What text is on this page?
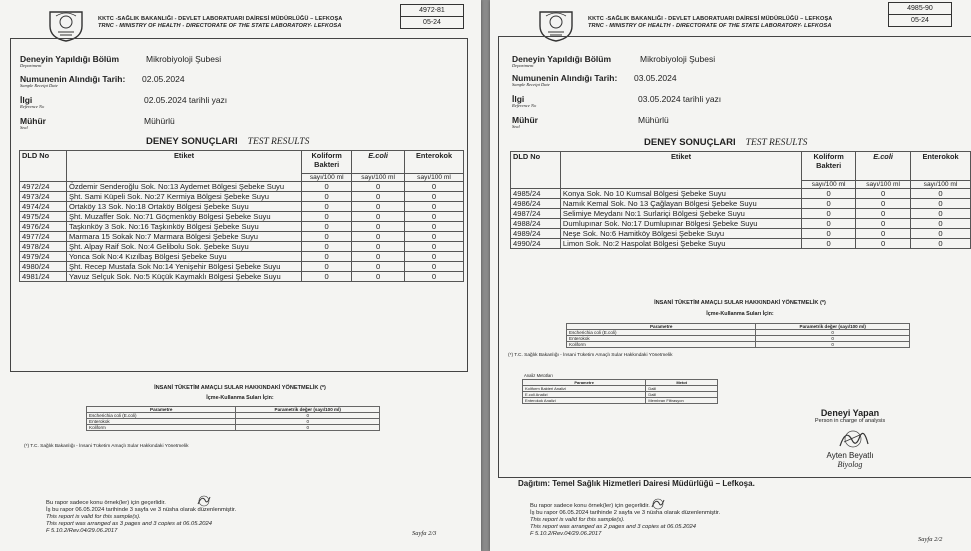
KKTC -SAĞLIK BAKANLIĞI - DEVLET LABORATUARI DAİRESİ MÜDÜRLÜĞÜ – LEFKOŞA
TRNC - MINISTRY OF HEALTH - DIRECTORATE OF THE STATE LABORATORY- LEFKOSA
4972-81
05-24
Deneyin Yapıldığı Bölüm
Department
Mikrobiyoloji Şubesi
Numunenin Alındığı Tarih: 02.05.2024
Sample Receipt Date
İlgi	02.05.2024 tarihli yazı
Reference No
Mühür	Mühürlü
Seal
DENEY SONUÇLARI TEST RESULTS
DLD No	Etiket	Koliform Bakteri	E.coli	Enterokok
		sayı/100 ml	sayı/100 ml	sayı/100 ml
4972/24	Özdemir Senderoğlu Sok. No:13 Aydemet Bölgesi Şebeke Suyu	0	0	0
4973/24	Şht. Sami Küpeli Sok. No:27 Kermiya Bölgesi Şebeke Suyu	0	0	0
4974/24	Ortaköy 13 Sok. No:18 Ortaköy Bölgesi Şebeke Suyu	0	0	0
4975/24	Şht. Muzaffer Sok. No:71 Göçmenköy Bölgesi Şebeke Suyu	0	0	0
4976/24	Taşkınköy 3 Sok. No:16 Taşkınköy Bölgesi Şebeke Suyu	0	0	0
4977/24	Marmara 15 Sokak No:7 Marmara Bölgesi Şebeke Suyu	0	0	0
4978/24	Şht. Alpay Raif Sok. No:4 Gelibolu Sok. Şebeke Suyu	0	0	0
4979/24	Yonca Sok No:4 Kızılbaş Bölgesi Şebeke Suyu	0	0	0
4980/24	Şht. Recep Mustafa Sok No:14 Yenişehir Bölgesi Şebeke Suyu	0	0	0
4981/24	Yavuz Selçuk Sok. No:5 Küçük Kaymaklı Bölgesi Şebeke Suyu	0	0	0
İNSANİ TÜKETİM AMAÇLI SULAR HAKKINDAKİ YÖNETMELİK (*)
İçme-Kullanma Suları İçin:
Parametre	Parametrik değer (sayı/100 ml)
Escherichia coli (E.coli)	0
Enterokok	0
Koliform	0
(*) T.C. Sağlık Bakanlığı - İnsani Tüketim Amaçlı Sular Hakkındaki Yönetmelik
Bu rapor sadece konu örnek(ler) için geçerlidir.
İş bu rapor 06.05.2024 tarihinde 3 sayfa ve 3 nüsha olarak düzenlenmiştir.
This report is valid for this sample(s).
This report was arranged as 3 pages and 3 copies at 06.05.2024
F 5.10.2/Rev.04/29.06.2017	Sayfa 2/3
KKTC -SAĞLIK BAKANLIĞI - DEVLET LABORATUARI DAİRESİ MÜDÜRLÜĞÜ – LEFKOŞA
TRNC - MINISTRY OF HEALTH - DIRECTORATE OF THE STATE LABORATORY- LEFKOSA
4985-90
05-24
Deneyin Yapıldığı Bölüm
Department
Mikrobiyoloji Şubesi
Numunenin Alındığı Tarih: 03.05.2024
Sample Receipt Date
İlgi	03.05.2024 tarihli yazı
Reference No
Mühür	Mühürlü
Seal
DENEY SONUÇLARI TEST RESULTS
DLD No	Etiket	Koliform Bakteri	E.coli	Enterokok
		sayı/100 ml	sayı/100 ml	sayı/100 ml
4985/24	Konya Sok. No 10 Kumsal Bölgesi Şebeke Suyu	0	0	0
4986/24	Namık Kemal Sok. No 13 Çağlayan Bölgesi Şebeke Suyu	0	0	0
4987/24	Selimiye Meydanı No:1 Surlariçi Bölgesi Şebeke Suyu	0	0	0
4988/24	Dumlupınar Sok. No:17 Dumlupınar Bölgesi Şebeke Suyu	0	0	0
4989/24	Neşe Sok. No:6 Hamitköy Bölgesi Şebeke Suyu	0	0	0
4990/24	Limon Sok. No:2 Haspolat Bölgesi Şebeke Suyu	0	0	0
İNSANİ TÜKETİM AMAÇLI SULAR HAKKINDAKİ YÖNETMELİK (*)
İçme-Kullanma Suları İçin:
Parametre	Parametrik değer (sayı/100 ml)
Escherichia coli (E.coli)	0
Enterokok	0
Koliform	0
(*) T.C. Sağlık Bakanlığı - İnsani Tüketim Amaçlı Sular Hakkındaki Yönetmelik
Analiz Metotları
Parametre	Metot
Koliform Bakteri Analizi	Dalil
E.coli Analizi	Dalil
Enterokok Analizi	Membran Filtrasyon
Deneyi Yapan
Person in charge of analysis
Ayten Beyatlı
Biyolog
Dağıtım: Temel Sağlık Hizmetleri Dairesi Müdürlüğü – Lefkoşa.
Bu rapor sadece konu örnek(ler) için geçerlidir.
İş bu rapor 06.05.2024 tarihinde 2 sayfa ve 3 nüsha olarak düzenlenmiştir.
This report is valid for this sample(s).
This report was arranged as 2 pages and 3 copies at 06.05.2024
F 5.10.2/Rev.04/29.06.2017
Sayfa 2/2
